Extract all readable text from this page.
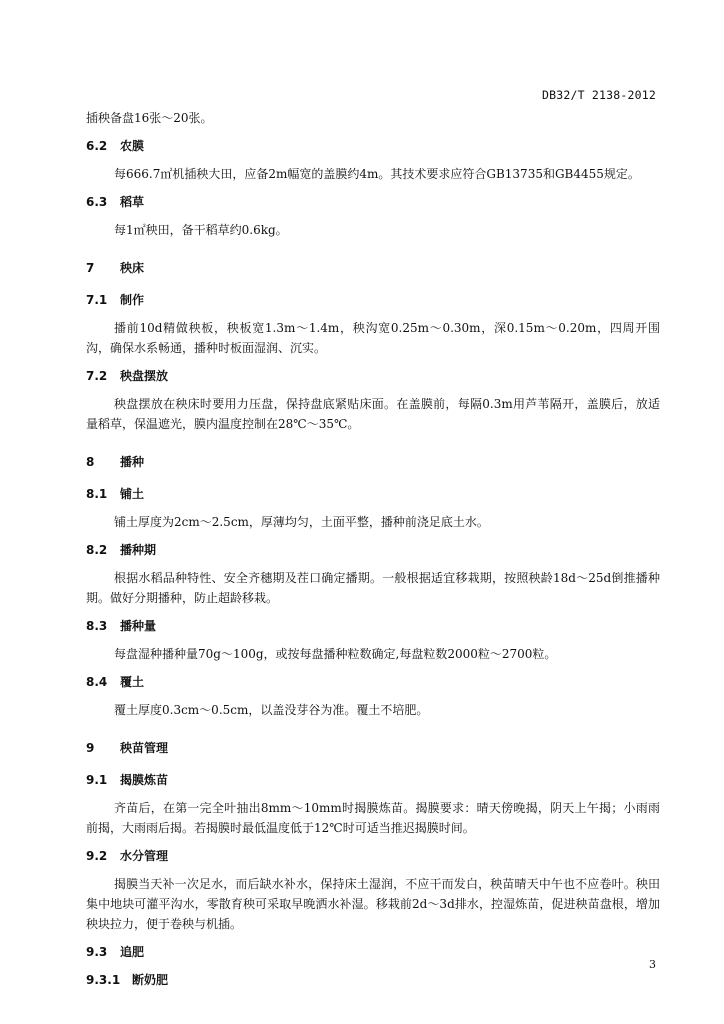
DB32/T 2138-2012

插秧备盘16张～20张。

6.2 农膜

每666.7㎡机插秧大田，应备2m幅宽的盖膜约4m。其技术要求应符合GB13735和GB4455规定。

6.3 稻草

每1㎡秧田，备干稻草约0.6kg。

7 秧床

7.1 制作

播前10d精做秧板，秧板宽1.3m～1.4m，秧沟宽0.25m～0.30m，深0.15m～0.20m，四周开围沟，确保水系畅通，播种时板面湿润、沉实。

7.2 秧盘摆放

秧盘摆放在秧床时要用力压盘，保持盘底紧贴床面。在盖膜前，每隔0.3m用芦苇隔开，盖膜后，放适量稻草，保温遮光，膜内温度控制在28℃～35℃。

8 播种

8.1 铺土

铺土厚度为2cm～2.5cm，厚薄均匀，土面平整，播种前浇足底土水。

8.2 播种期

根据水稻品种特性、安全齐穗期及茬口确定播期。一般根据适宜移栽期，按照秧龄18d～25d倒推播种期。做好分期播种，防止超龄移栽。

8.3 播种量

每盘湿种播种量70g～100g，或按每盘播种粒数确定,每盘粒数2000粒～2700粒。

8.4 覆土

覆土厚度0.3cm～0.5cm，以盖没芽谷为准。覆土不培肥。

9 秧苗管理

9.1 揭膜炼苗

齐苗后，在第一完全叶抽出8mm～10mm时揭膜炼苗。揭膜要求：晴天傍晚揭，阴天上午揭；小雨雨前揭，大雨雨后揭。若揭膜时最低温度低于12℃时可适当推迟揭膜时间。

9.2 水分管理

揭膜当天补一次足水，而后缺水补水，保持床土湿润，不应干而发白，秧苗晴天中午也不应卷叶。秧田集中地块可灌平沟水，零散育秧可采取早晚洒水补湿。移栽前2d～3d排水，控湿炼苗，促进秧苗盘根，增加秧块拉力，便于卷秧与机插。

9.3 追肥

9.3.1 断奶肥

3
